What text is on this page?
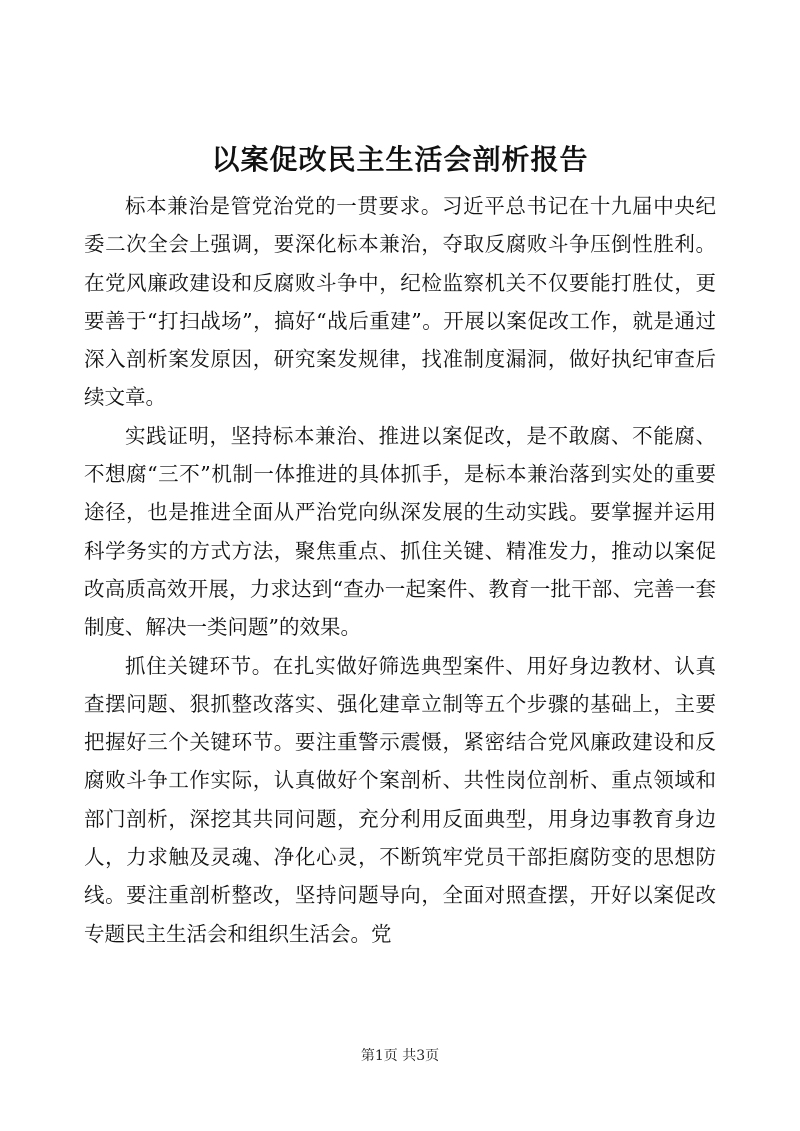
以案促改民主生活会剖析报告

标本兼治是管党治党的一贯要求。习近平总书记在十九届中央纪委二次全会上强调，要深化标本兼治，夺取反腐败斗争压倒性胜利。在党风廉政建设和反腐败斗争中，纪检监察机关不仅要能打胜仗，更要善于“打扫战场”，搞好“战后重建”。开展以案促改工作，就是通过深入剖析案发原因，研究案发规律，找准制度漏洞，做好执纪审查后续文章。

实践证明，坚持标本兼治、推进以案促改，是不敢腐、不能腐、不想腐“三不”机制一体推进的具体抓手，是标本兼治落到实处的重要途径，也是推进全面从严治党向纵深发展的生动实践。要掌握并运用科学务实的方式方法，聚焦重点、抓住关键、精准发力，推动以案促改高质高效开展，力求达到“查办一起案件、教育一批干部、完善一套制度、解决一类问题”的效果。

抓住关键环节。在扎实做好筛选典型案件、用好身边教材、认真查摆问题、狠抓整改落实、强化建章立制等五个步骤的基础上，主要把握好三个关键环节。要注重警示震慑，紧密结合党风廉政建设和反腐败斗争工作实际，认真做好个案剖析、共性岗位剖析、重点领域和部门剖析，深挖其共同问题，充分利用反面典型，用身边事教育身边人，力求触及灵魂、净化心灵，不断筑牢党员干部拒腐防变的思想防线。要注重剖析整改，坚持问题导向，全面对照查摆，开好以案促改专题民主生活会和组织生活会。党

第1页 共3页
